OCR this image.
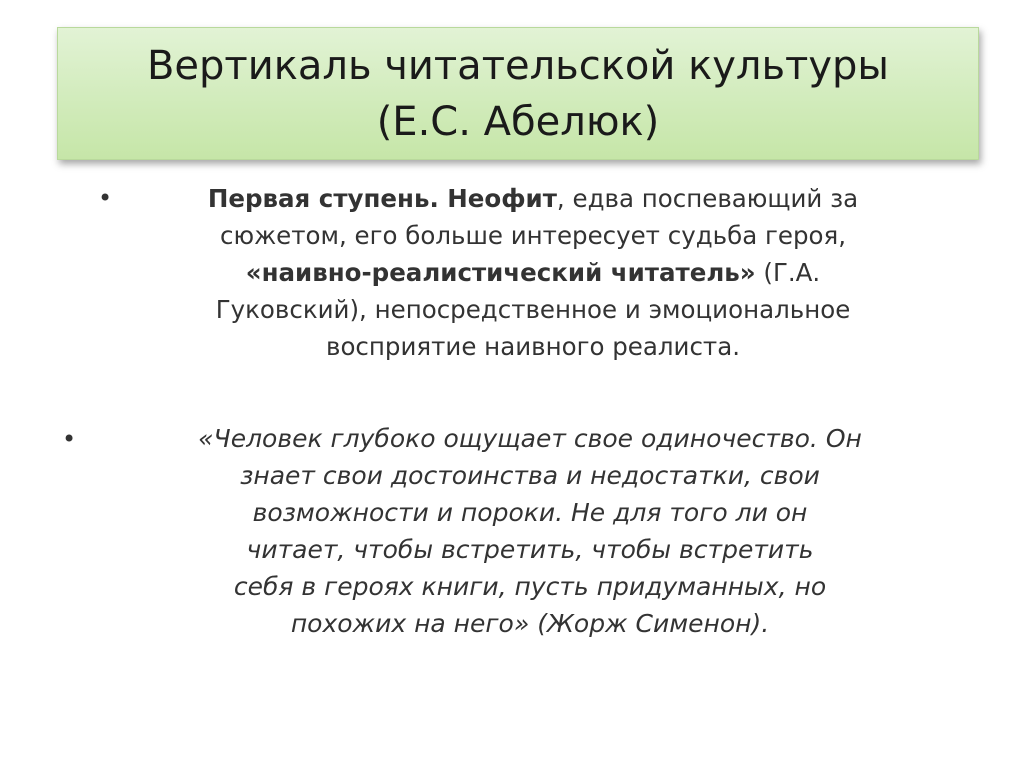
Вертикаль читательской культуры
(Е.С. Абелюк)
•	Первая ступень. Неофит, едва поспевающий за
сюжетом, его больше интересует судьба героя,
«наивно-реалистический читатель» (Г.А.
Гуковский), непосредственное и эмоциональное
восприятие наивного реалиста.
•	«Человек глубоко ощущает свое одиночество. Он
знает свои достоинства и недостатки, свои
возможности и пороки. Не для того ли он
читает, чтобы встретить, чтобы встретить
себя в героях книги, пусть придуманных, но
похожих на него» (Жорж Сименон).
